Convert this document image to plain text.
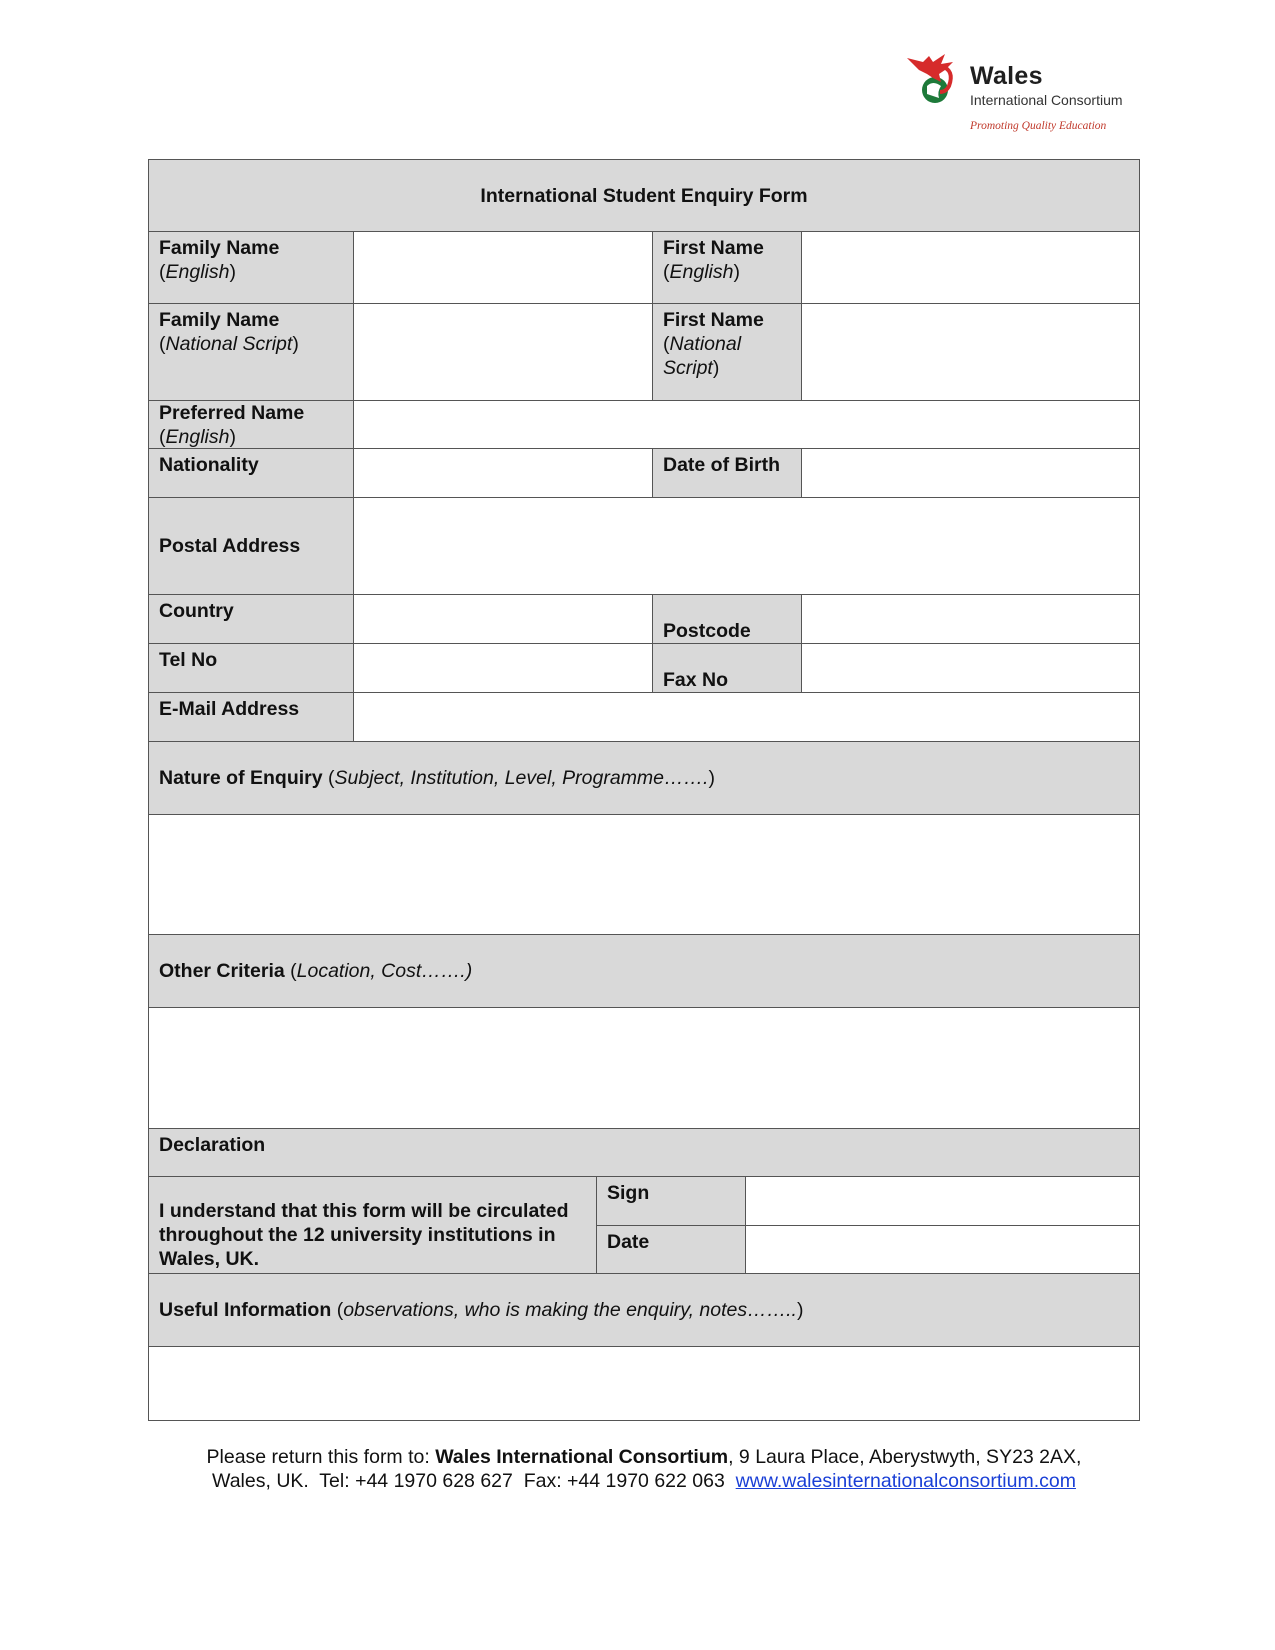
Wales
International Consortium
Promoting Quality Education
International Student Enquiry Form
Family Name
(English)
First Name
(English)
Family Name
(National Script)
First Name
(National
Script)
Preferred Name
(English)
Nationality	Date of Birth
Postal Address
Country
Postcode
Tel No
Fax No
E-Mail Address
Nature of Enquiry (Subject, Institution, Level, Programme…….)
Other Criteria (Location, Cost…….)
Declaration
I understand that this form will be circulated throughout the 12 university institutions in Wales, UK.
Sign
Date
Useful Information (observations, who is making the enquiry, notes……..)
Please return this form to: Wales International Consortium, 9 Laura Place, Aberystwyth, SY23 2AX,
Wales, UK.  Tel: +44 1970 628 627  Fax: +44 1970 622 063  www.walesinternationalconsortium.com
